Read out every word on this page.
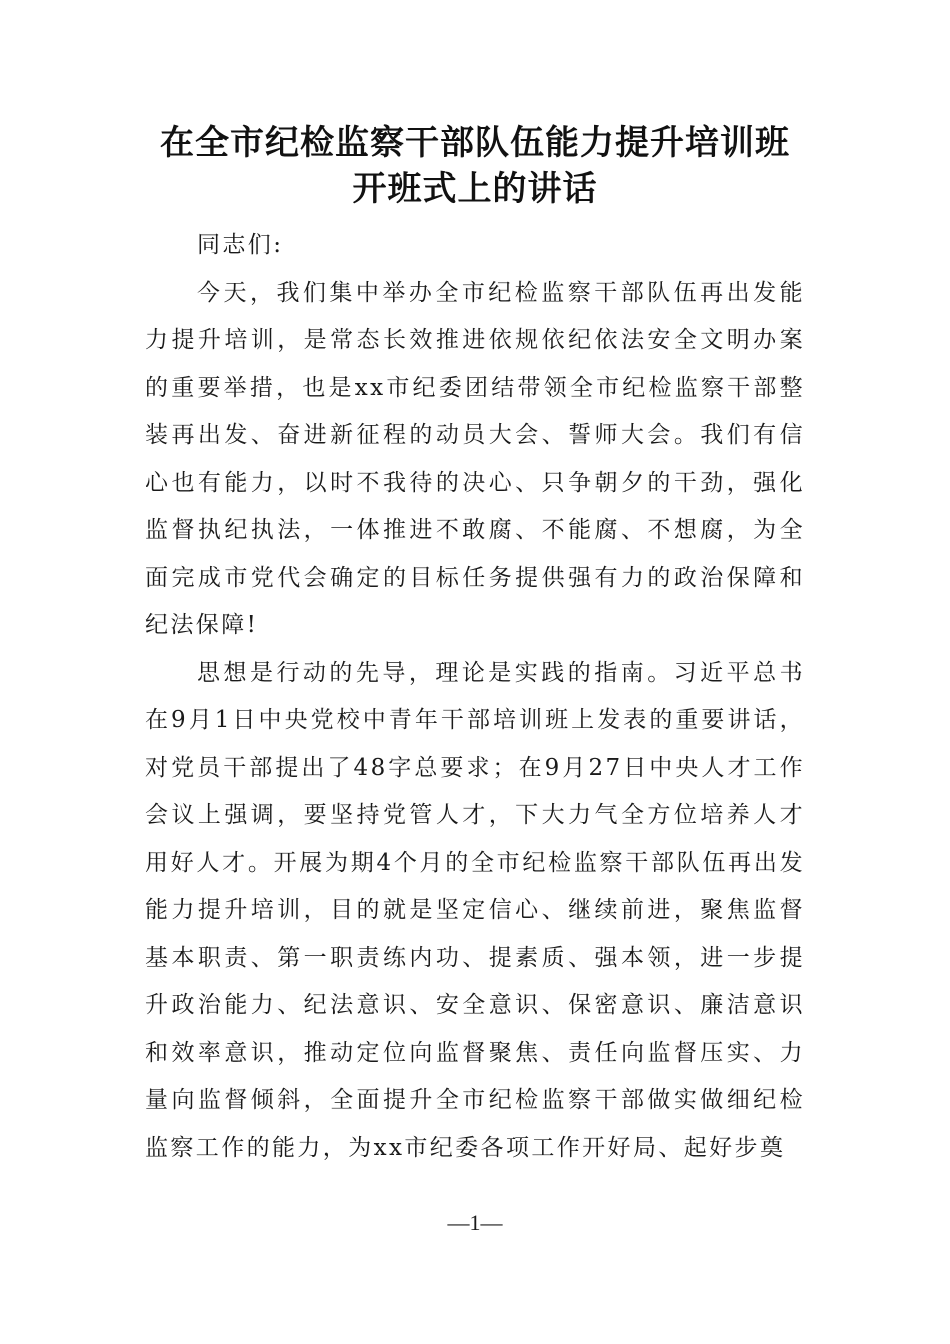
在全市纪检监察干部队伍能力提升培训班
开班式上的讲话

同志们:

今天，我们集中举办全市纪检监察干部队伍再出发能力提升培训，是常态长效推进依规依纪依法安全文明办案的重要举措，也是xx市纪委团结带领全市纪检监察干部整装再出发、奋进新征程的动员大会、誓师大会。我们有信心也有能力，以时不我待的决心、只争朝夕的干劲，强化监督执纪执法，一体推进不敢腐、不能腐、不想腐，为全面完成市党代会确定的目标任务提供强有力的政治保障和纪法保障!

思想是行动的先导，理论是实践的指南。习近平总书在9月1日中央党校中青年干部培训班上发表的重要讲话，对党员干部提出了48字总要求；在9月27日中央人才工作会议上强调，要坚持党管人才，下大力气全方位培养人才用好人才。开展为期4个月的全市纪检监察干部队伍再出发能力提升培训，目的就是坚定信心、继续前进，聚焦监督基本职责、第一职责练内功、提素质、强本领，进一步提升政治能力、纪法意识、安全意识、保密意识、廉洁意识和效率意识，推动定位向监督聚焦、责任向监督压实、力量向监督倾斜，全面提升全市纪检监察干部做实做细纪检监察工作的能力，为xx市纪委各项工作开好局、起好步奠

—1—
